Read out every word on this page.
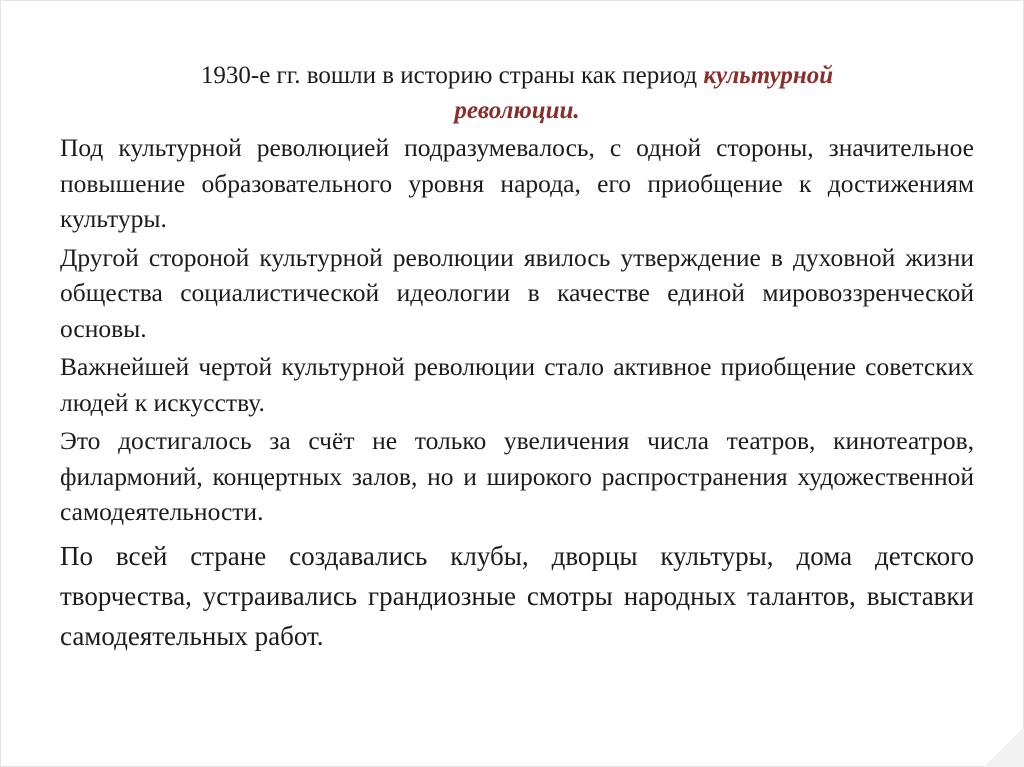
1930-е гг. вошли в историю страны как период культурной
революции.

Под культурной революцией подразумевалось, с одной стороны, значительное повышение образовательного уровня народа, его приобщение к достижениям культуры.

Другой стороной культурной революции явилось утверждение в духовной жизни общества социалистической идеологии в качестве единой мировоззренческой основы.

Важнейшей чертой культурной революции стало активное приобщение советских людей к искусству.

Это достигалось за счёт не только увеличения числа театров, кинотеатров, филармоний, концертных залов, но и широкого распространения художественной самодеятельности.

По всей стране создавались клубы, дворцы культуры, дома детского творчества, устраивались грандиозные смотры народных талантов, выставки самодеятельных работ.
